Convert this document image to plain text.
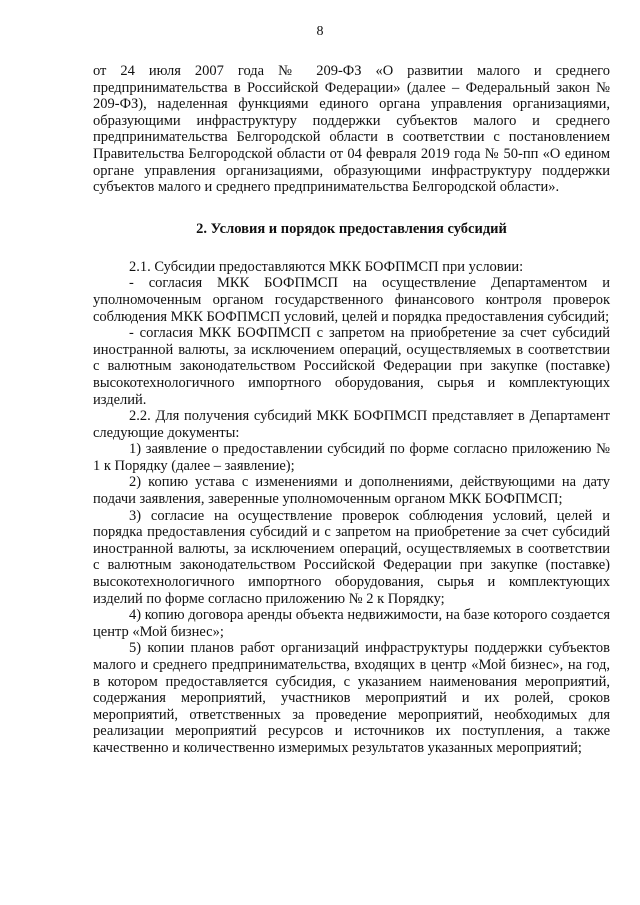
8

от 24 июля 2007 года № 209-ФЗ «О развитии малого и среднего предпринимательства в Российской Федерации» (далее – Федеральный закон № 209-ФЗ), наделенная функциями единого органа управления организациями, образующими инфраструктуру поддержки субъектов малого и среднего предпринимательства Белгородской области в соответствии с постановлением Правительства Белгородской области от 04 февраля 2019 года № 50-пп «О едином органе управления организациями, образующими инфраструктуру поддержки субъектов малого и среднего предпринимательства Белгородской области».

2. Условия и порядок предоставления субсидий

2.1. Субсидии предоставляются МКК БОФПМСП при условии:

- согласия МКК БОФПМСП на осуществление Департаментом и уполномоченным органом государственного финансового контроля проверок соблюдения МКК БОФПМСП условий, целей и порядка предоставления субсидий;

- согласия МКК БОФПМСП с запретом на приобретение за счет субсидий иностранной валюты, за исключением операций, осуществляемых в соответствии с валютным законодательством Российской Федерации при закупке (поставке) высокотехнологичного импортного оборудования, сырья и комплектующих изделий.

2.2. Для получения субсидий МКК БОФПМСП представляет в Департамент следующие документы:

1) заявление о предоставлении субсидий по форме согласно приложению № 1 к Порядку (далее – заявление);

2) копию устава с изменениями и дополнениями, действующими на дату подачи заявления, заверенные уполномоченным органом МКК БОФПМСП;

3) согласие на осуществление проверок соблюдения условий, целей и порядка предоставления субсидий и с запретом на приобретение за счет субсидий иностранной валюты, за исключением операций, осуществляемых в соответствии с валютным законодательством Российской Федерации при закупке (поставке) высокотехнологичного импортного оборудования, сырья и комплектующих изделий по форме согласно приложению № 2 к Порядку;

4) копию договора аренды объекта недвижимости, на базе которого создается центр «Мой бизнес»;

5) копии планов работ организаций инфраструктуры поддержки субъектов малого и среднего предпринимательства, входящих в центр «Мой бизнес», на год, в котором предоставляется субсидия, с указанием наименования мероприятий, содержания мероприятий, участников мероприятий и их ролей, сроков мероприятий, ответственных за проведение мероприятий, необходимых для реализации мероприятий ресурсов и источников их поступления, а также качественно и количественно измеримых результатов указанных мероприятий;
